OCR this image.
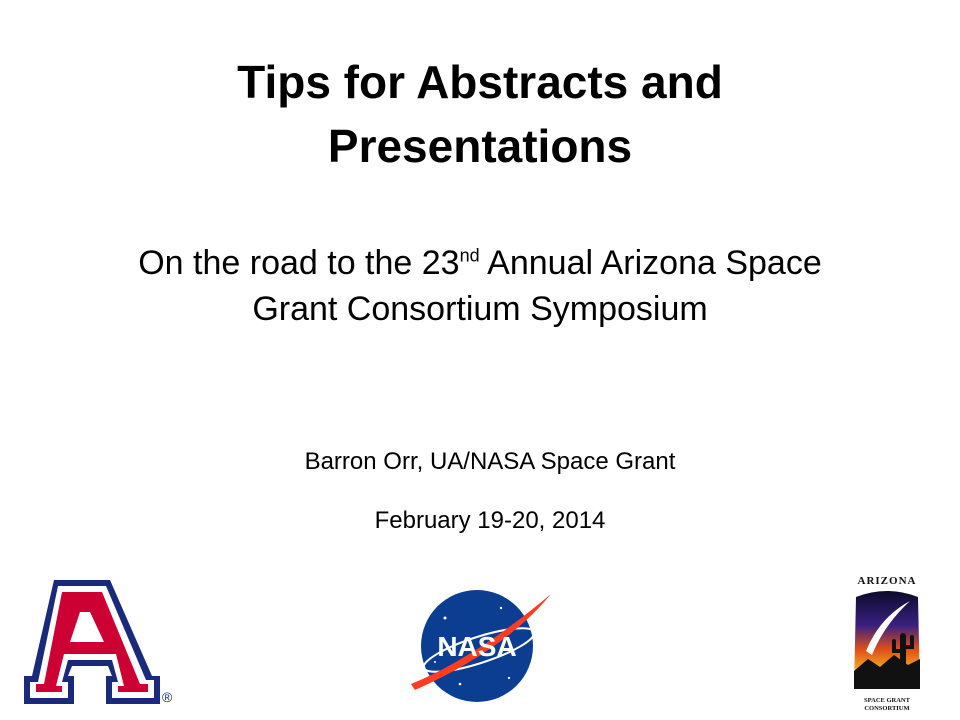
Tips for Abstracts and Presentations
On the road to the 23nd Annual Arizona Space Grant Consortium Symposium
Barron Orr, UA/NASA Space Grant
February 19-20, 2014
®
NASA
ARIZONA
SPACE GRANT
CONSORTIUM
